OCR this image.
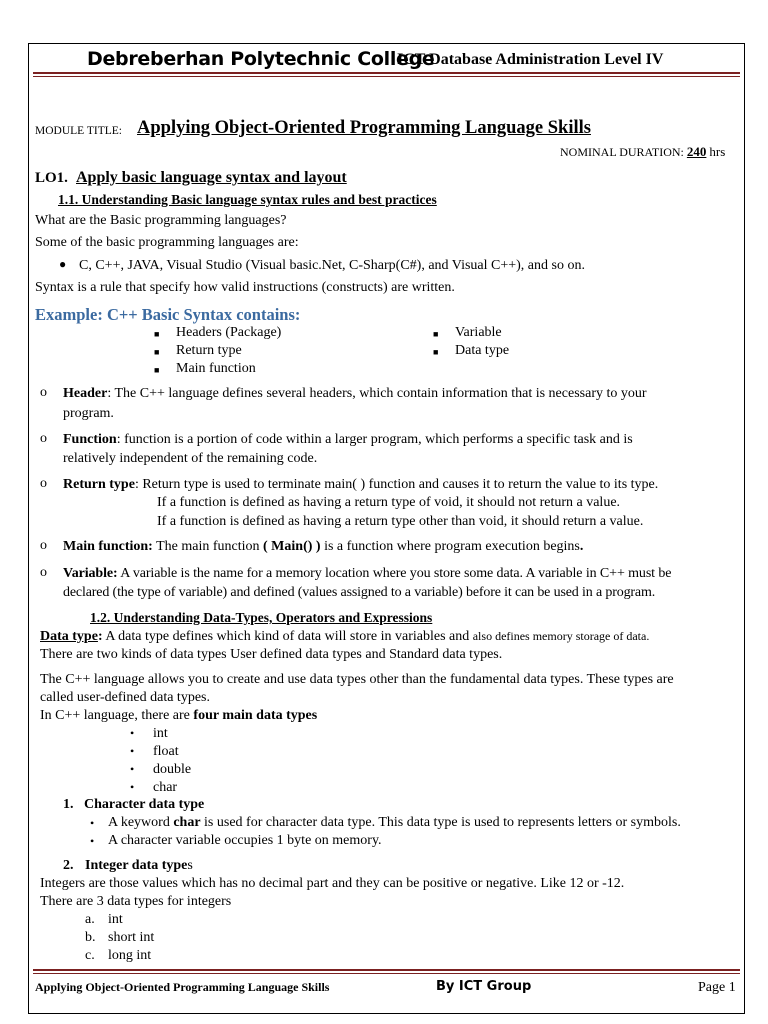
Debreberhan Polytechnic College
ICT Database Administration Level IV
MODULE TITLE: Applying Object-Oriented Programming Language Skills
NOMINAL DURATION: 240 hrs
LO1. Apply basic language syntax and layout
1.1. Understanding Basic language syntax rules and best practices
What are the Basic programming languages?
Some of the basic programming languages are:
● C, C++, JAVA, Visual Studio (Visual basic.Net, C-Sharp(C#), and Visual C++), and so on.
Syntax is a rule that specify how valid instructions (constructs) are written.
Example: C++ Basic Syntax contains:
■ Headers (Package)
■ Return type
■ Main function
■ Variable
■ Data type
o Header: The C++ language defines several headers, which contain information that is necessary to your
program.
o Function: function is a portion of code within a larger program, which performs a specific task and is
relatively independent of the remaining code.
o Return type: Return type is used to terminate main( ) function and causes it to return the value to its type.
If a function is defined as having a return type of void, it should not return a value.
If a function is defined as having a return type other than void, it should return a value.
o Main function: The main function ( Main() ) is a function where program execution begins.
o Variable: A variable is the name for a memory location where you store some data. A variable in C++ must be
declared (the type of variable) and defined (values assigned to a variable) before it can be used in a program.
1.2. Understanding Data-Types, Operators and Expressions
Data type: A data type defines which kind of data will store in variables and also defines memory storage of data.
There are two kinds of data types User defined data types and Standard data types.
The C++ language allows you to create and use data types other than the fundamental data types. These types are
called user-defined data types.
In C++ language, there are four main data types
• int
• float
• double
• char
1.   Character data type
• A keyword char is used for character data type. This data type is used to represents letters or symbols.
• A character variable occupies 1 byte on memory.
2. Integer data types
Integers are those values which has no decimal part and they can be positive or negative. Like 12 or -12.
There are 3 data types for integers
a. int
b. short int
c. long int
Applying Object-Oriented Programming Language Skills	By ICT Group	Page 1
